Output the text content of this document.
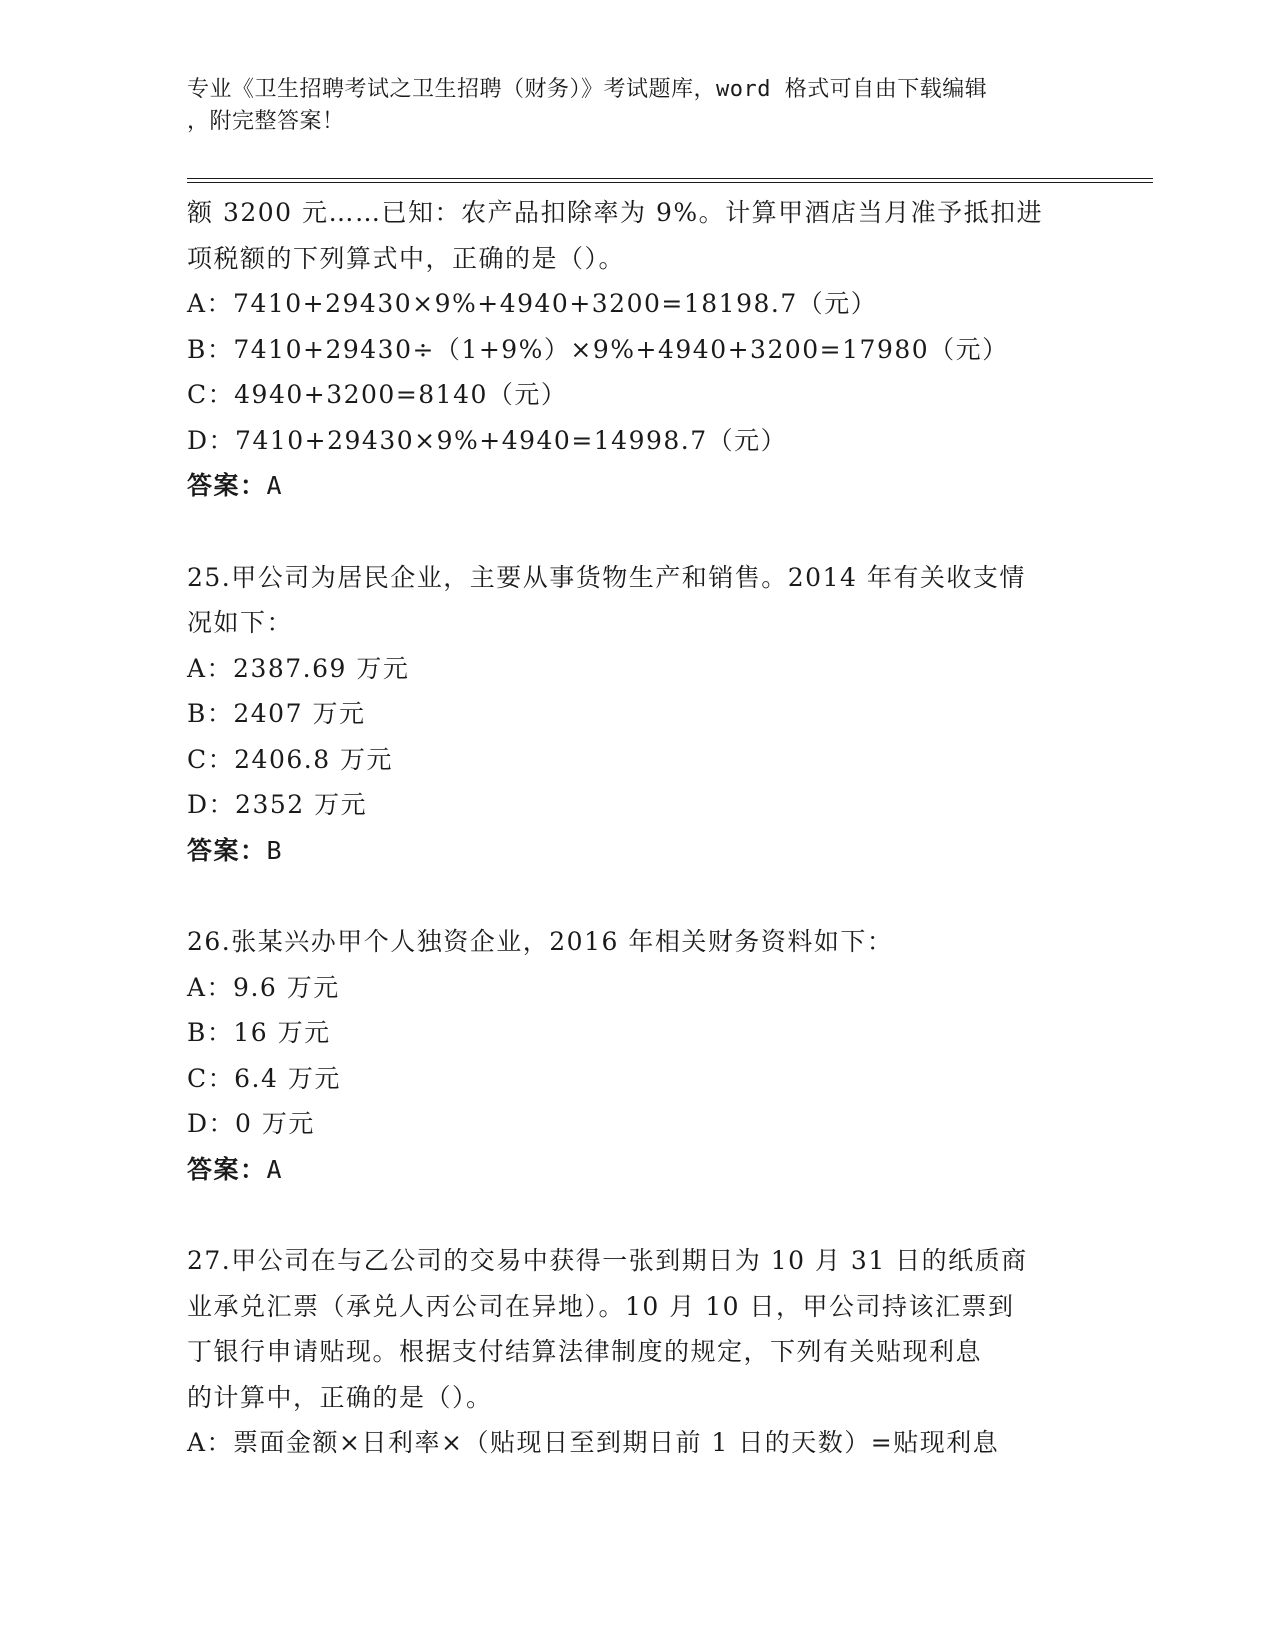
专业《卫生招聘考试之卫生招聘（财务）》考试题库，word 格式可自由下载编辑
，附完整答案！
额 3200 元……已知：农产品扣除率为 9%。计算甲酒店当月准予抵扣进
项税额的下列算式中，正确的是（）。
A：7410+29430×9%+4940+3200=18198.7（元）
B：7410+29430÷（1+9%）×9%+4940+3200=17980（元）
C：4940+3200=8140（元）
D：7410+29430×9%+4940=14998.7（元）
答案：A
25.甲公司为居民企业，主要从事货物生产和销售。2014 年有关收支情
况如下：
A：2387.69 万元
B：2407 万元
C：2406.8 万元
D：2352 万元
答案：B
26.张某兴办甲个人独资企业，2016 年相关财务资料如下：
A：9.6 万元
B：16 万元
C：6.4 万元
D：0 万元
答案：A
27.甲公司在与乙公司的交易中获得一张到期日为 10 月 31 日的纸质商
业承兑汇票（承兑人丙公司在异地）。10 月 10 日，甲公司持该汇票到
丁银行申请贴现。根据支付结算法律制度的规定，下列有关贴现利息
的计算中，正确的是（）。
A：票面金额×日利率×（贴现日至到期日前 1 日的天数）=贴现利息
